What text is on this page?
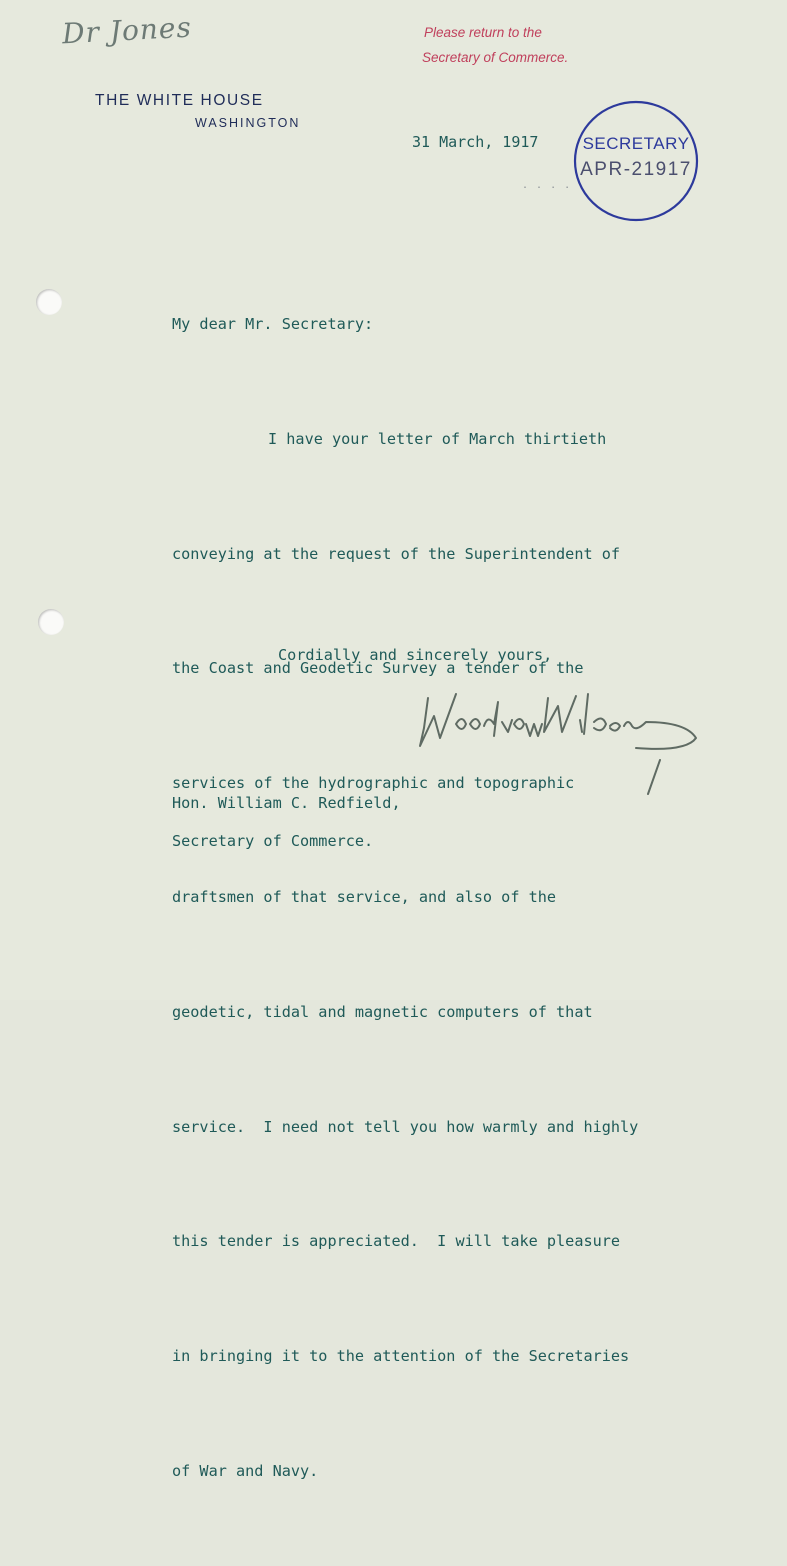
Dr Jones	Please return to the
Secretary of Commerce.
THE WHITE HOUSE
WASHINGTON
31 March, 1917
. . . .
SECRETARY
APR-21917

My dear Mr. Secretary:

I have your letter of March thirtieth

conveying at the request of the Superintendent of

the Coast and Geodetic Survey a tender of the

services of the hydrographic and topographic

draftsmen of that service, and also of the

geodetic, tidal and magnetic computers of that

service.  I need not tell you how warmly and highly

this tender is appreciated.  I will take pleasure

in bringing it to the attention of the Secretaries

of War and Navy.

Cordially and sincerely yours,
Hon. William C. Redfield,
Secretary of Commerce.
